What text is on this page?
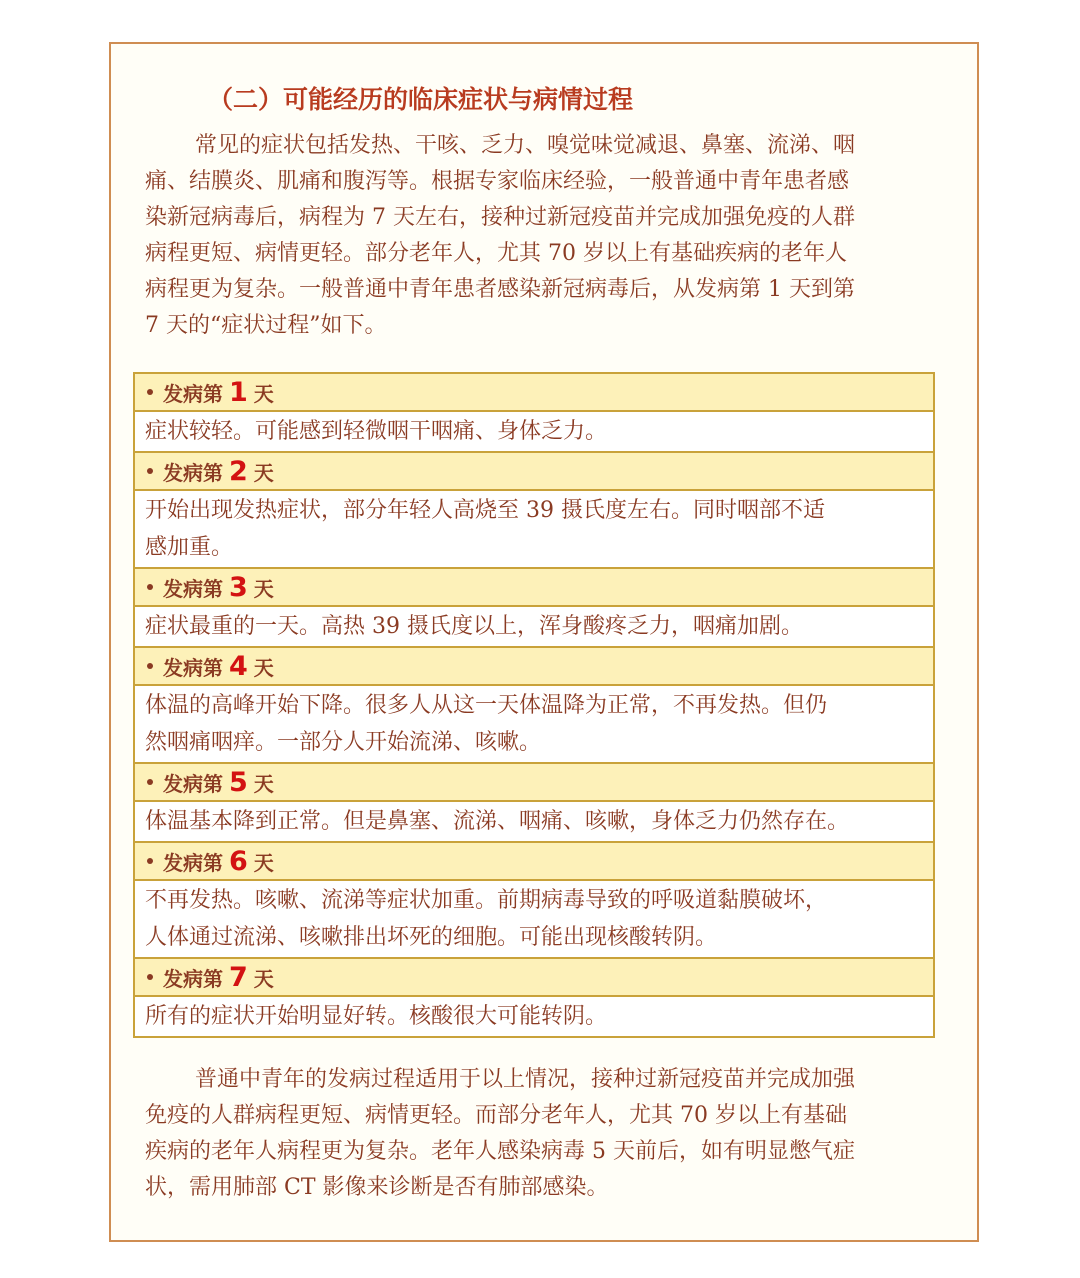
（二）可能经历的临床症状与病情过程
常见的症状包括发热、干咳、乏力、嗅觉味觉减退、鼻塞、流涕、咽
痛、结膜炎、肌痛和腹泻等。根据专家临床经验，一般普通中青年患者感
染新冠病毒后，病程为 7 天左右，接种过新冠疫苗并完成加强免疫的人群
病程更短、病情更轻。部分老年人，尤其 70 岁以上有基础疾病的老年人
病程更为复杂。一般普通中青年患者感染新冠病毒后，从发病第 1 天到第
7 天的“症状过程”如下。
发病第 1 天
症状较轻。可能感到轻微咽干咽痛、身体乏力。
发病第 2 天
开始出现发热症状，部分年轻人高烧至 39 摄氏度左右。同时咽部不适
感加重。
发病第 3 天
症状最重的一天。高热 39 摄氏度以上，浑身酸疼乏力，咽痛加剧。
发病第 4 天
体温的高峰开始下降。很多人从这一天体温降为正常，不再发热。但仍
然咽痛咽痒。一部分人开始流涕、咳嗽。
发病第 5 天
体温基本降到正常。但是鼻塞、流涕、咽痛、咳嗽，身体乏力仍然存在。
发病第 6 天
不再发热。咳嗽、流涕等症状加重。前期病毒导致的呼吸道黏膜破坏，
人体通过流涕、咳嗽排出坏死的细胞。可能出现核酸转阴。
发病第 7 天
所有的症状开始明显好转。核酸很大可能转阴。
普通中青年的发病过程适用于以上情况，接种过新冠疫苗并完成加强
免疫的人群病程更短、病情更轻。而部分老年人，尤其 70 岁以上有基础
疾病的老年人病程更为复杂。老年人感染病毒 5 天前后，如有明显憋气症
状，需用肺部 CT 影像来诊断是否有肺部感染。
